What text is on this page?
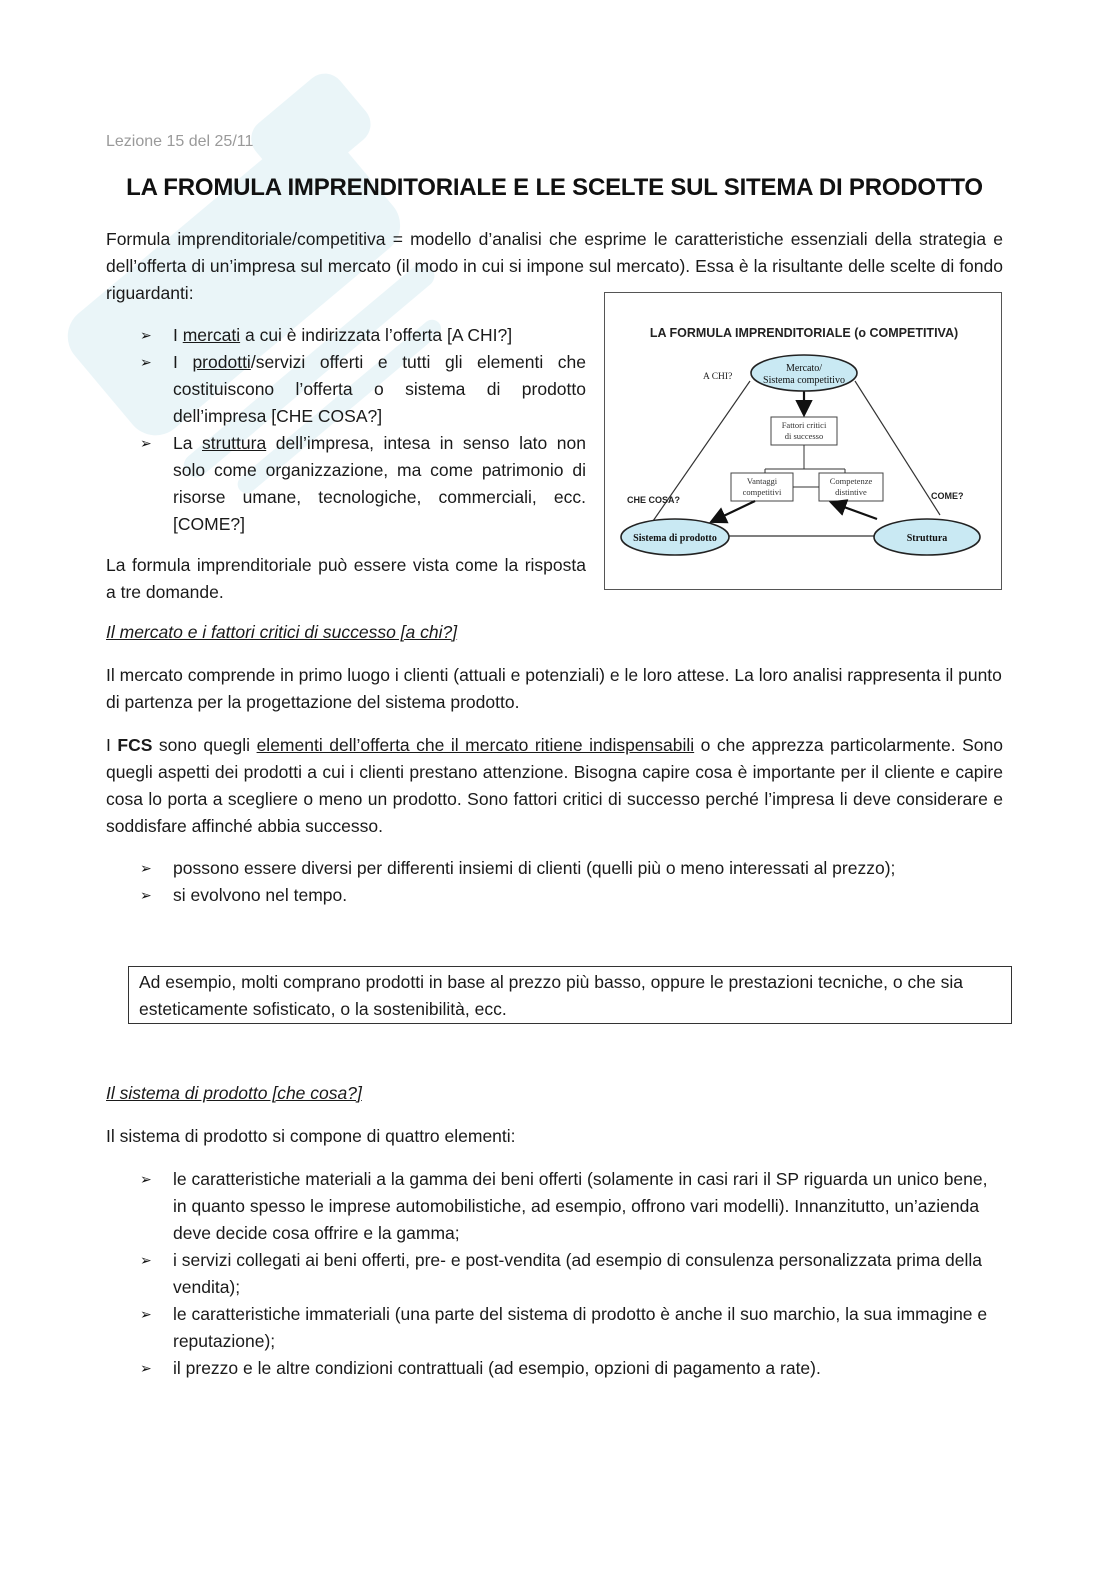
Lezione 15 del 25/11
LA FROMULA IMPRENDITORIALE E LE SCELTE SUL SITEMA DI PRODOTTO

Formula imprenditoriale/competitiva = modello d’analisi che esprime le caratteristiche essenziali della strategia e dell’offerta di un’impresa sul mercato (il modo in cui si impone sul mercato). Essa è la risultante delle scelte di fondo riguardanti:

➢ I mercati a cui è indirizzata l’offerta [A CHI?]
➢ I prodotti/servizi offerti e tutti gli elementi che costituiscono l’offerta o sistema di prodotto dell’impresa [CHE COSA?]
➢ La struttura dell’impresa, intesa in senso lato non solo come organizzazione, ma come patrimonio di risorse umane, tecnologiche, commerciali, ecc. [COME?]

La formula imprenditoriale può essere vista come la risposta a tre domande.

LA FORMULA IMPRENDITORIALE (o COMPETITIVA)
Fattori critici
di successo
Vantaggi
competitivi
Competenze
distintive
Mercato/
Sistema competitivo
Sistema di prodotto	Struttura
A CHI?
CHE COSA?	COME?
Il mercato e i fattori critici di successo [a chi?]

Il mercato comprende in primo luogo i clienti (attuali e potenziali) e le loro attese. La loro analisi rappresenta il punto di partenza per la progettazione del sistema prodotto.

I FCS sono quegli elementi dell’offerta che il mercato ritiene indispensabili o che apprezza particolarmente. Sono quegli aspetti dei prodotti a cui i clienti prestano attenzione. Bisogna capire cosa è importante per il cliente e capire cosa lo porta a scegliere o meno un prodotto. Sono fattori critici di successo perché l’impresa li deve considerare e soddisfare affinché abbia successo.

➢ possono essere diversi per differenti insiemi di clienti (quelli più o meno interessati al prezzo);
➢ si evolvono nel tempo.
Ad esempio, molti comprano prodotti in base al prezzo più basso, oppure le prestazioni tecniche, o che sia esteticamente sofisticato, o la sostenibilità, ecc.
Il sistema di prodotto [che cosa?]

Il sistema di prodotto si compone di quattro elementi:

➢ le caratteristiche materiali a la gamma dei beni offerti (solamente in casi rari il SP riguarda un unico bene, in quanto spesso le imprese automobilistiche, ad esempio, offrono vari modelli). Innanzitutto, un’azienda deve decide cosa offrire e la gamma;
➢ i servizi collegati ai beni offerti, pre- e post-vendita (ad esempio di consulenza personalizzata prima della vendita);
➢ le caratteristiche immateriali (una parte del sistema di prodotto è anche il suo marchio, la sua immagine e reputazione);
➢ il prezzo e le altre condizioni contrattuali (ad esempio, opzioni di pagamento a rate).
